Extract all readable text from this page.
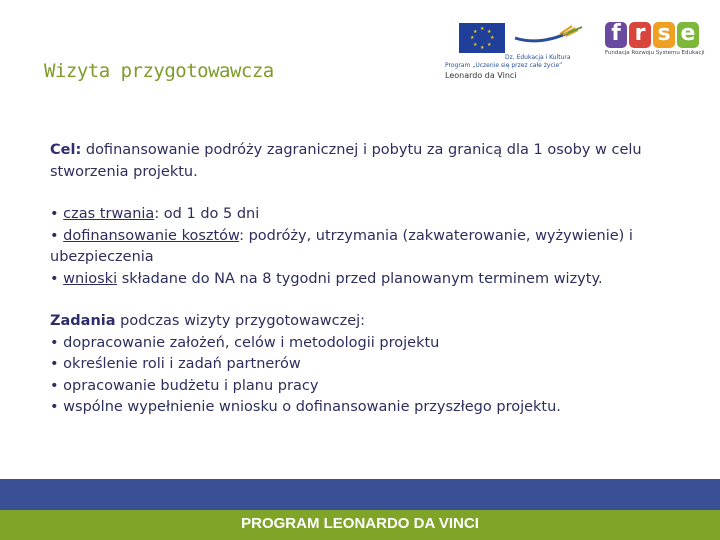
Wizyta przygotowawcza
★ ★
★
★
★
★
★
★
Dz. Edukacja i Kultura
Program „Uczenie się przez całe życie”
Leonardo da Vinci
f r s e
Fundacja Rozwoju Systemu Edukacji

Cel: dofinansowanie podróży zagranicznej i pobytu za granicą dla 1 osoby w celu stworzenia projektu.

• czas trwania: od 1 do 5 dni

• dofinansowanie kosztów: podróży, utrzymania (zakwaterowanie, wyżywienie) i ubezpieczenia

• wnioski składane do NA na 8 tygodni przed planowanym terminem wizyty.

Zadania podczas wizyty przygotowawczej:

• dopracowanie założeń, celów i metodologii projektu

• określenie roli i zadań partnerów

• opracowanie budżetu i planu pracy

• wspólne wypełnienie wniosku o dofinansowanie przyszłego projektu.

PROGRAM LEONARDO DA VINCI
